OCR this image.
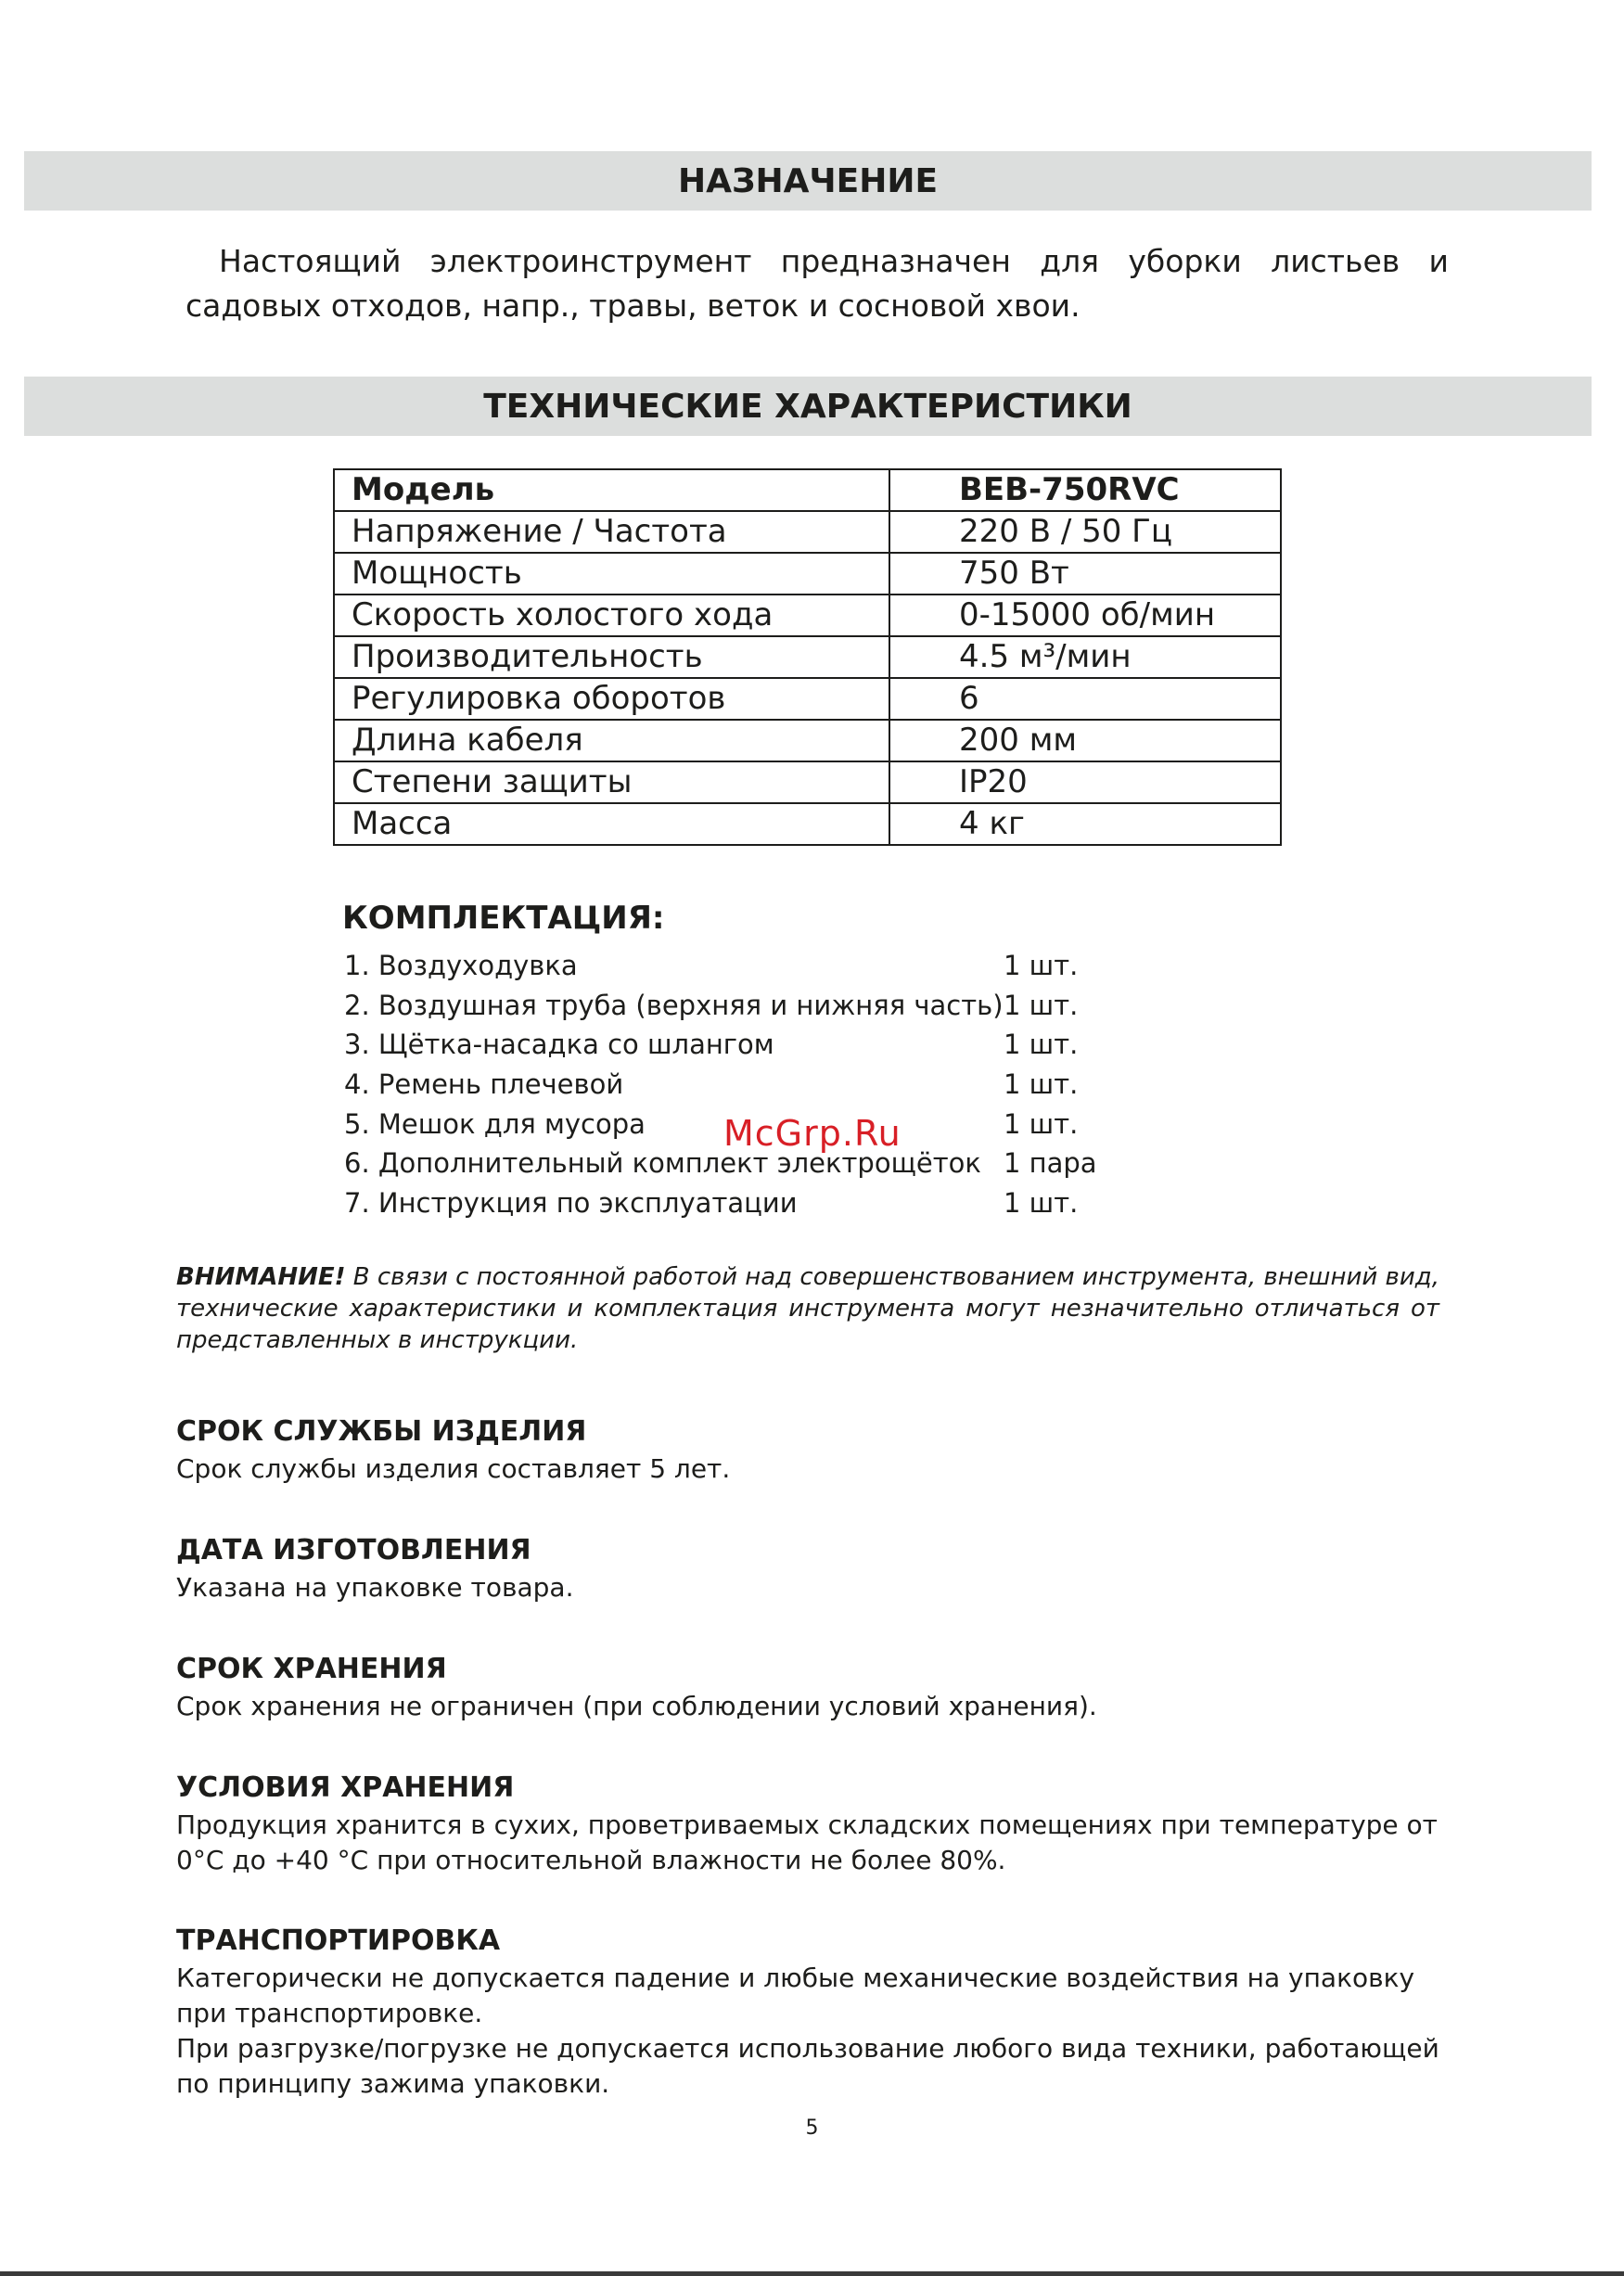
НАЗНАЧЕНИЕ
Настоящий электроинструмент предназначен для уборки листьев и садовых отходов, напр., травы, веток и сосновой хвои.
ТЕХНИЧЕСКИЕ ХАРАКТЕРИСТИКИ
Модель	BEB-750RVC
Напряжение / Частота	220 В / 50 Гц
Мощность	750 Вт
Скорость холостого хода	0-15000 об/мин
Производительность	4.5 м³/мин
Регулировка оборотов	6
Длина кабеля	200 мм
Степени защиты	IP20
Масса	4 кг
КОМПЛЕКТАЦИЯ:
1. Воздуходувка	1 шт.
2. Воздушная труба (верхняя и нижняя часть) 1 шт.
3. Щётка-насадка со шлангом	1 шт.
4. Ремень плечевой	1 шт.
5. Мешок для мусора	1 шт.
6. Дополнительный комплект электрощёток 1 пара
7. Инструкция по эксплуатации	1 шт.
McGrp.Ru
ВНИМАНИЕ! В связи с постоянной работой над совершенствованием инструмента, внешний вид, технические характеристики и комплектация инструмента могут незначительно отличаться от представленных в инструкции.
СРОК СЛУЖБЫ ИЗДЕЛИЯ

Срок службы изделия составляет 5 лет.

ДАТА ИЗГОТОВЛЕНИЯ

Указана на упаковке товара.

СРОК ХРАНЕНИЯ

Срок хранения не ограничен (при соблюдении условий хранения).

УСЛОВИЯ ХРАНЕНИЯ

Продукция хранится в сухих, проветриваемых складских помещениях при температуре от 0°С до +40 °С при относительной влажности не более 80%.

ТРАНСПОРТИРОВКА

Категорически не допускается падение и любые механические воздействия на упаковку при транспортировке.

При разгрузке/погрузке не допускается использование любого вида техники, работающей по принципу зажима упаковки.

5
